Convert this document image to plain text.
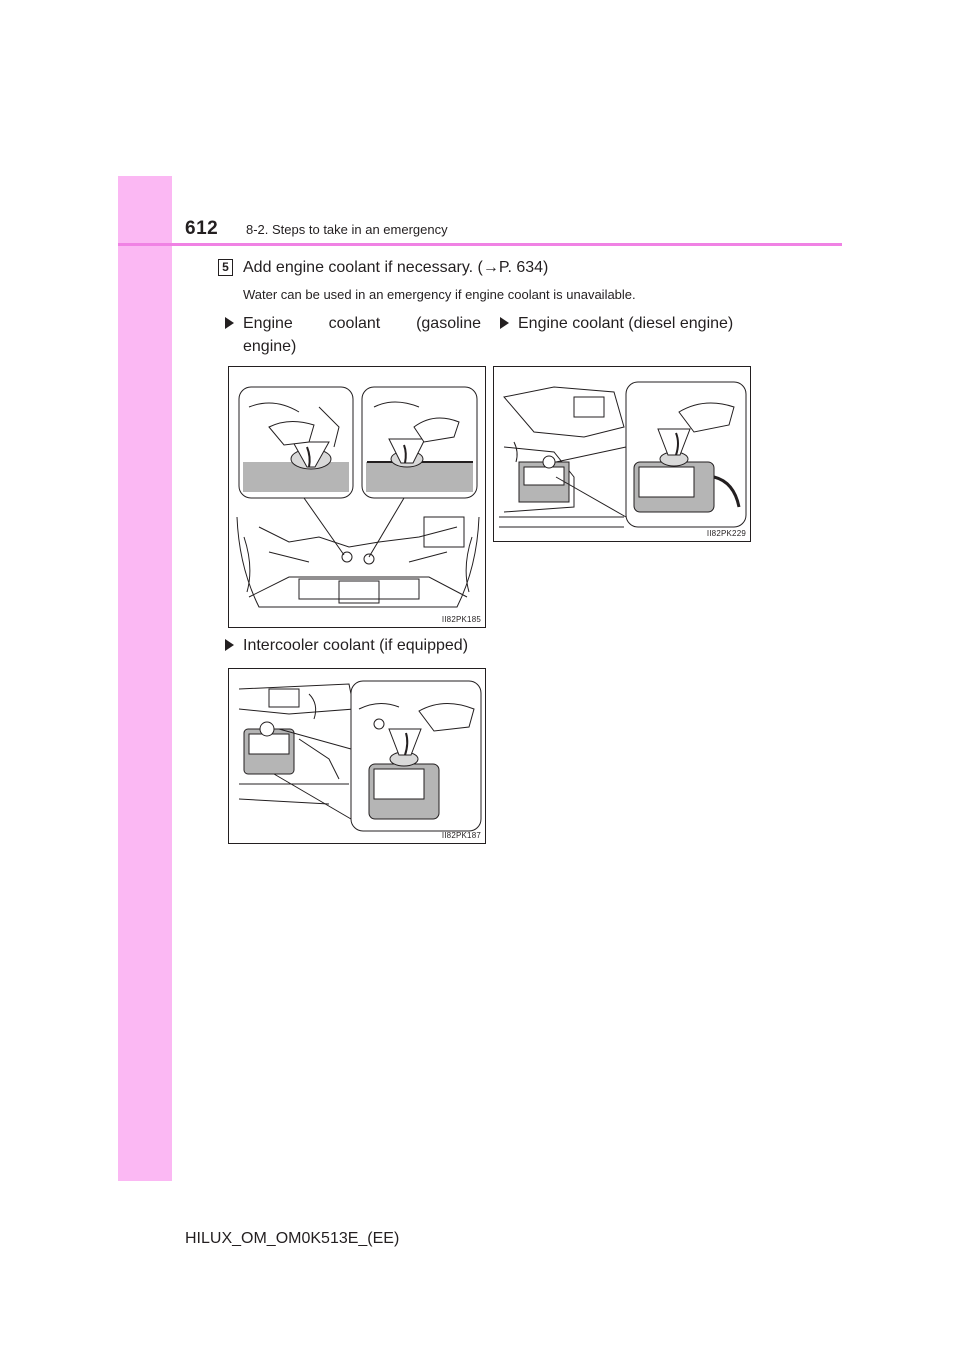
612 8-2. Steps to take in an emergency
5 Add engine coolant if necessary. (→P. 634)
Water can be used in an emergency if engine coolant is unavailable.
Engine coolant (gasoline
engine)
Engine coolant (diesel engine)
II82PK185
II82PK229
Intercooler coolant (if equipped)
II82PK187
HILUX_OM_OM0K513E_(EE)
